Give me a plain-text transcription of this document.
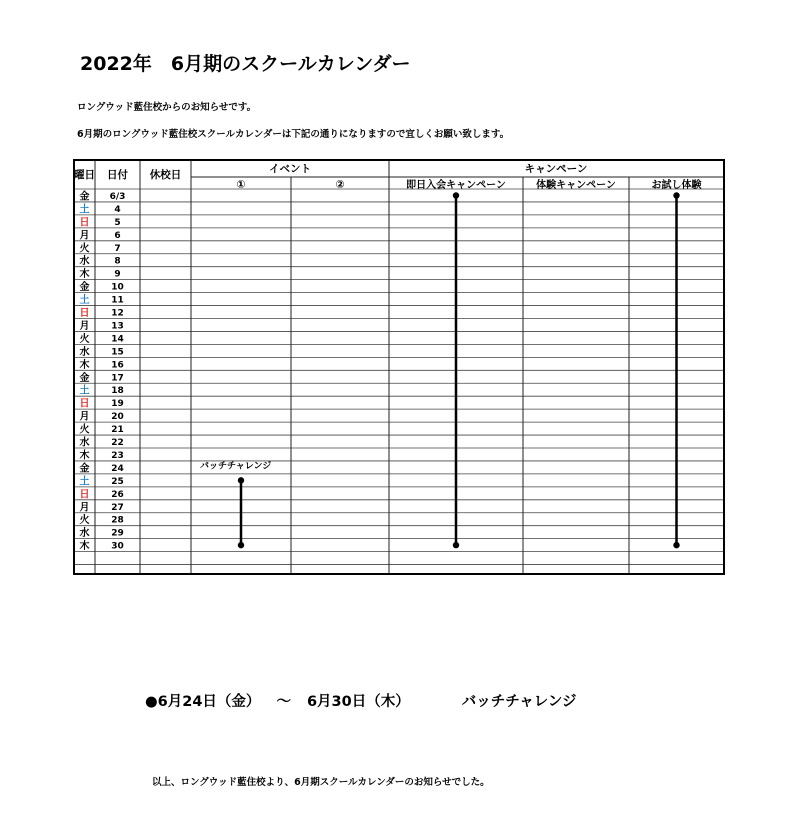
2022年　6月期のスクールカレンダー
ロングウッド藍住校からのお知らせです。
6月期のロングウッド藍住校スクールカレンダーは下記の通りになりますので宜しくお願い致します。
曜日 日付 休校日	イベント
①	②
キャンペーン
即日入会キャンペーン	体験キャンペーン	お試し体験
金 6/3
土	4
日	5
月	6
火	7
水	8
木	9
金 10
土 11
日 12
月 13
火 14
水 15
木 16
金 17
土 18
日 19
月 20
火 21
水 22
木 23
金 24
土 25
日 26
月 27
火 28
水 29
木 30
バッチチャレンジ
●6月24日（金） ～ 6月30日（木）	バッチチャレンジ
以上、ロングウッド藍住校より、6月期スクールカレンダーのお知らせでした。
